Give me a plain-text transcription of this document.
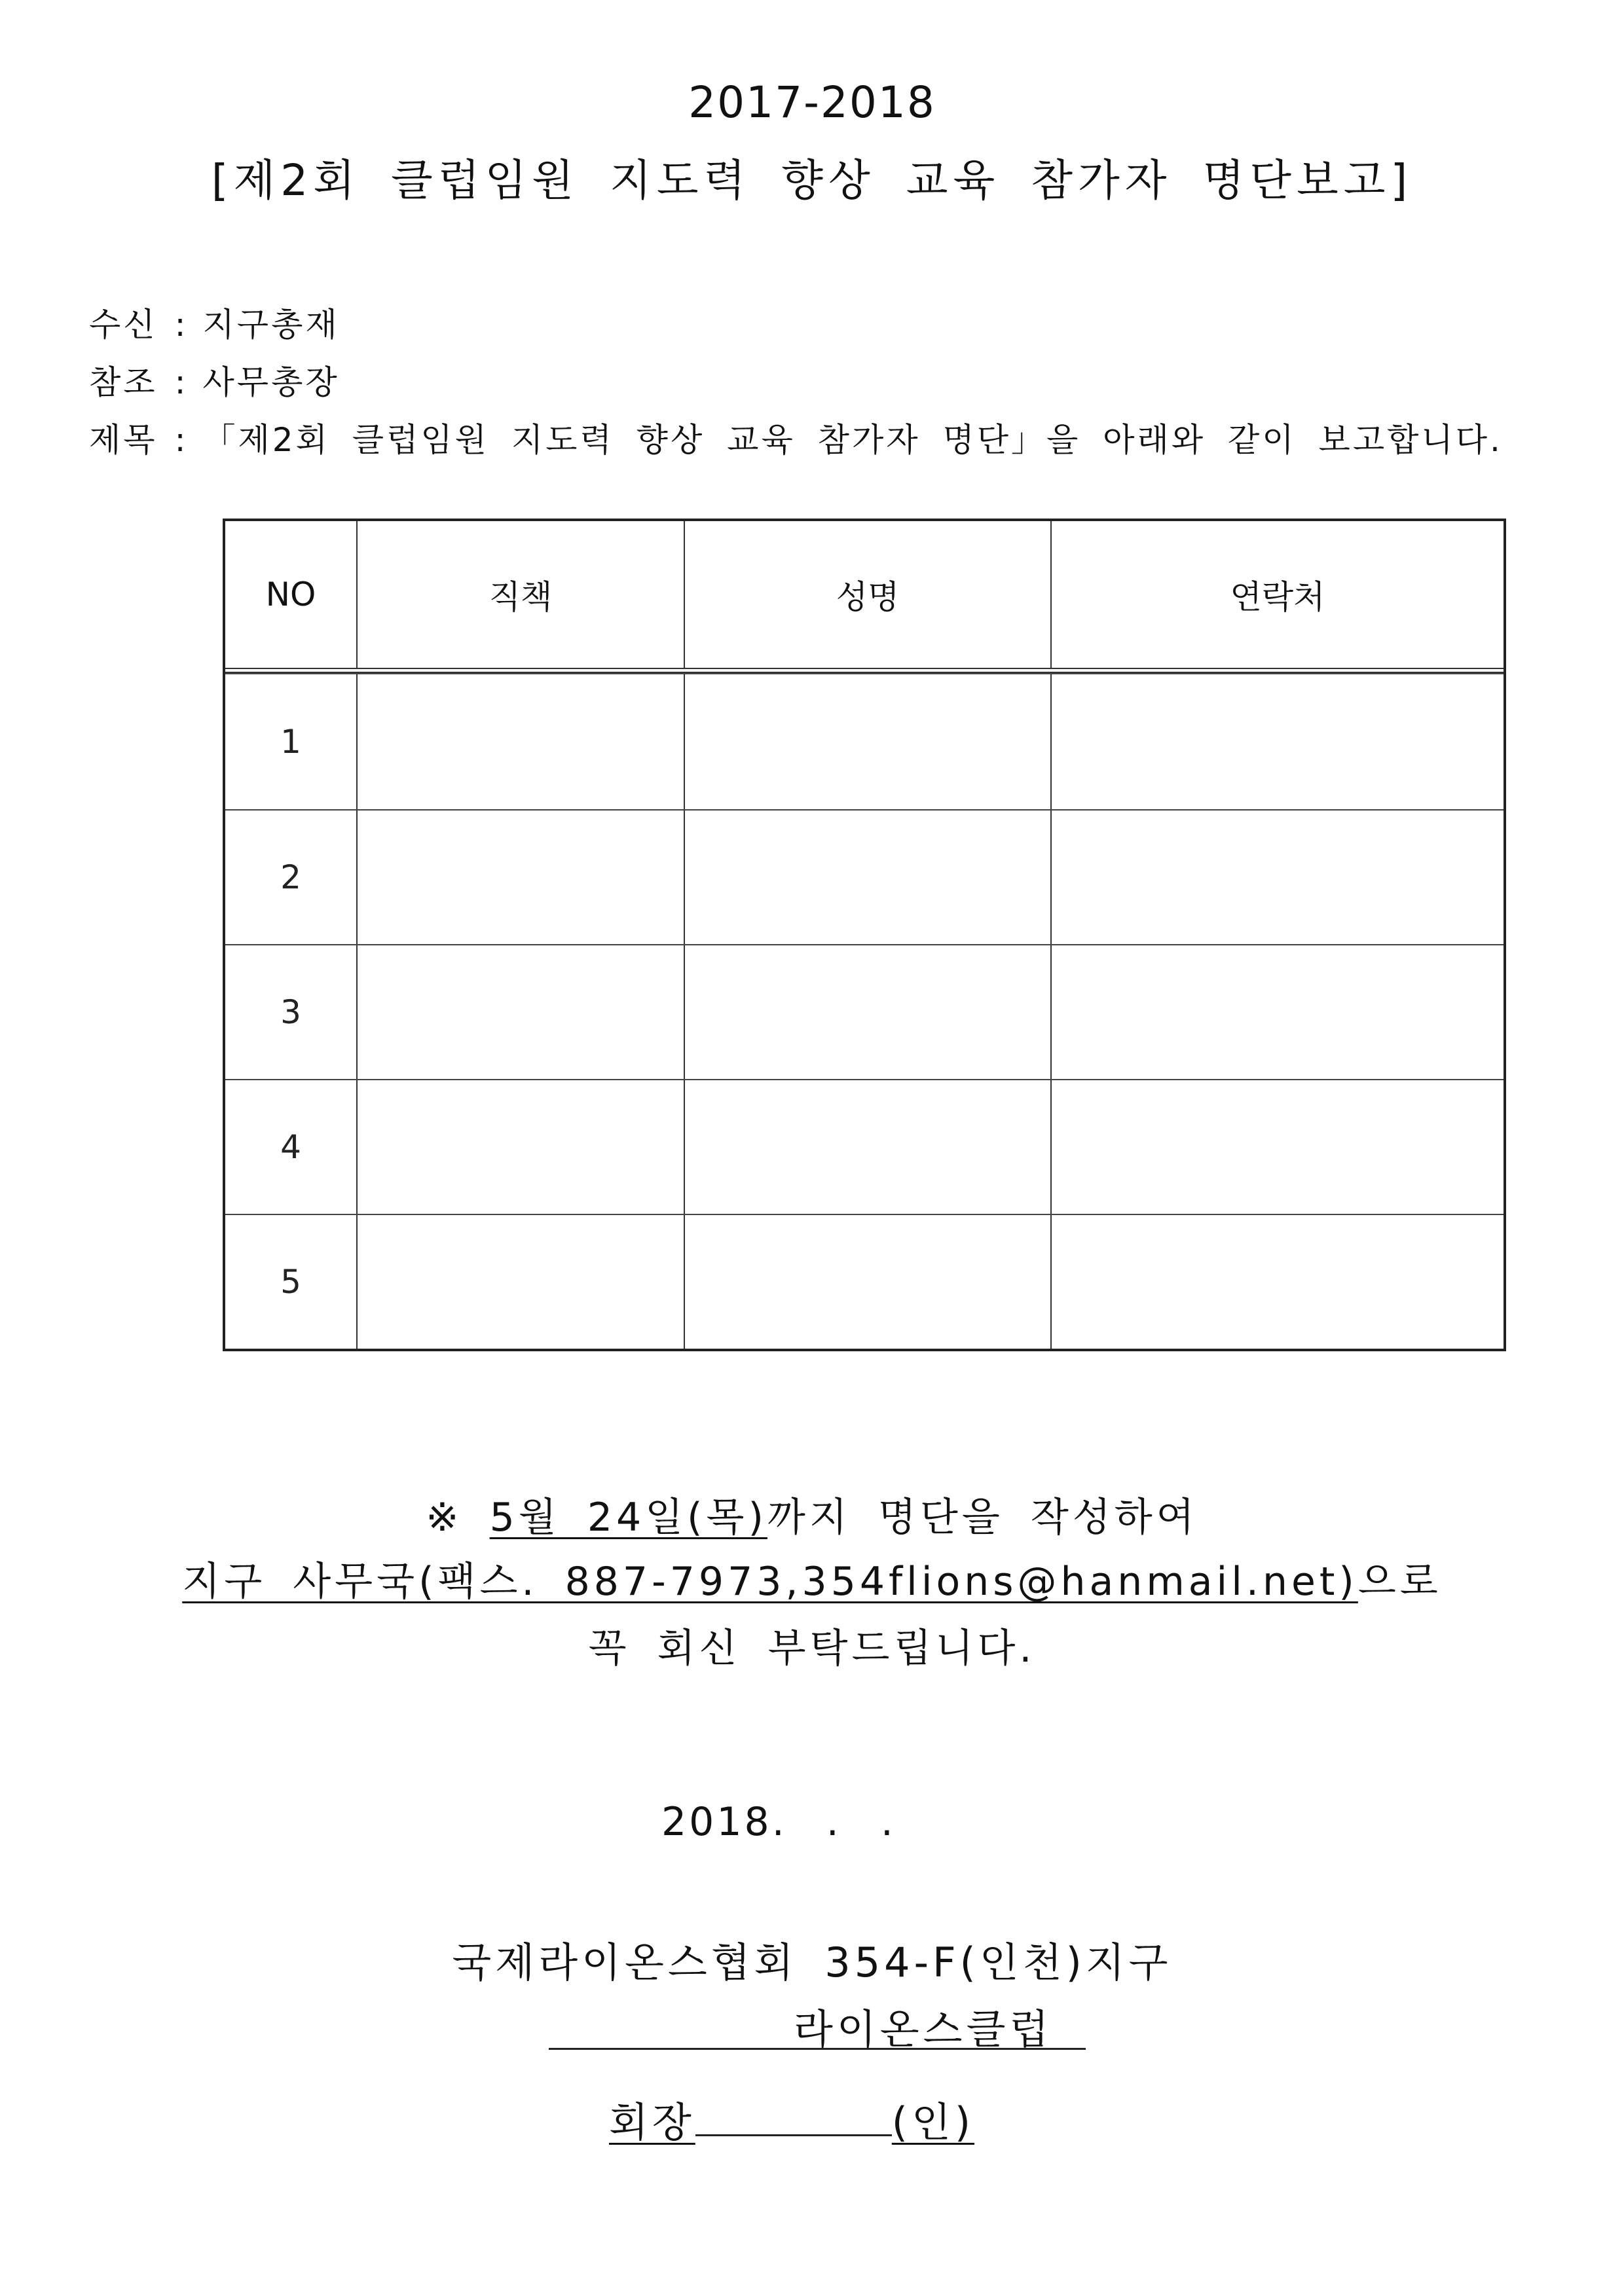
2017-2018
[제2회 클럽임원 지도력 향상 교육 참가자 명단보고]
수신 : 지구총재
참조 : 사무총장
제목 : 「제2회 클럽임원 지도력 향상 교육 참가자 명단」을 아래와 같이 보고합니다.
NO	직책	성명	연락처
1
2
3
4
5
※ 5월 24일(목)까지 명단을 작성하여
지구 사무국(팩스. 887-7973,354flions@hanmail.net)으로
꼭 회신 부탁드립니다.
2018. . .
국제라이온스협회 354-F(인천)지구
라이온스클럽
회장	(인)
